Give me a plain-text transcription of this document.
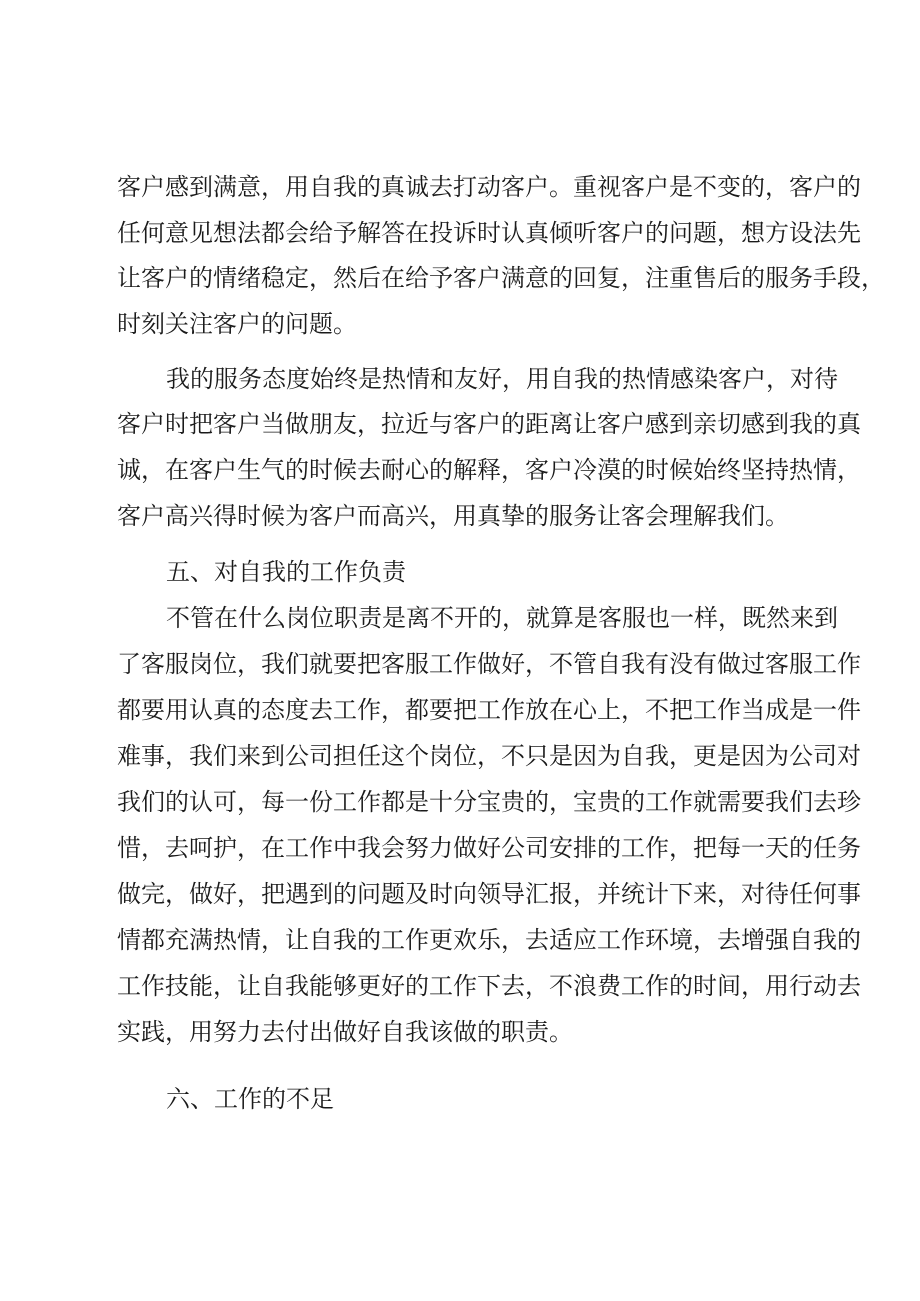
客户感到满意，用自我的真诚去打动客户。重视客户是不变的，客户的
任何意见想法都会给予解答在投诉时认真倾听客户的问题，想方设法先
让客户的情绪稳定，然后在给予客户满意的回复，注重售后的服务手段，
时刻关注客户的问题。
我的服务态度始终是热情和友好，用自我的热情感染客户，对待
客户时把客户当做朋友，拉近与客户的距离让客户感到亲切感到我的真
诚，在客户生气的时候去耐心的解释，客户冷漠的时候始终坚持热情，
客户高兴得时候为客户而高兴，用真挚的服务让客会理解我们。
五、对自我的工作负责
不管在什么岗位职责是离不开的，就算是客服也一样，既然来到
了客服岗位，我们就要把客服工作做好，不管自我有没有做过客服工作
都要用认真的态度去工作，都要把工作放在心上，不把工作当成是一件
难事，我们来到公司担任这个岗位，不只是因为自我，更是因为公司对
我们的认可，每一份工作都是十分宝贵的，宝贵的工作就需要我们去珍
惜，去呵护，在工作中我会努力做好公司安排的工作，把每一天的任务
做完，做好，把遇到的问题及时向领导汇报，并统计下来，对待任何事
情都充满热情，让自我的工作更欢乐，去适应工作环境，去增强自我的
工作技能，让自我能够更好的工作下去，不浪费工作的时间，用行动去
实践，用努力去付出做好自我该做的职责。
六、工作的不足
